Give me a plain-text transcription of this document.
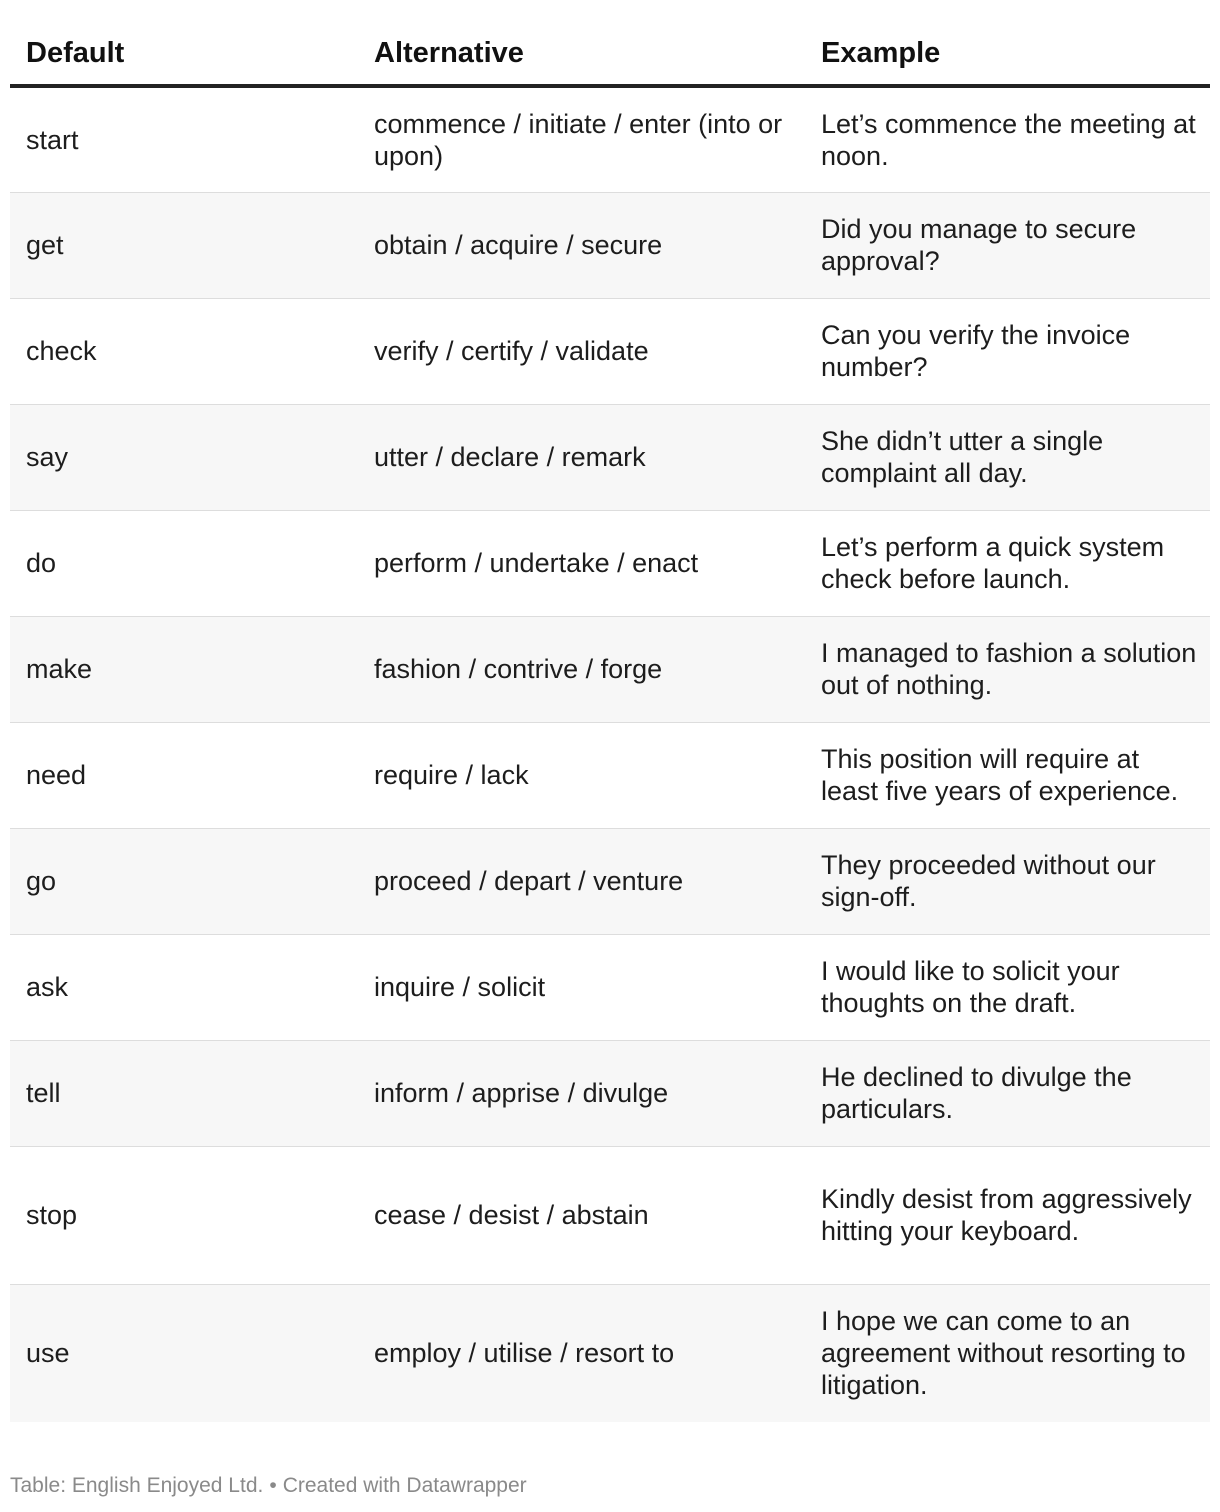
Default	Alternative	Example
start	commence / initiate / enter (into or upon)	Let’s commence the meeting at noon.
get	obtain / acquire / secure	Did you manage to secure approval?
check	verify / certify / validate	Can you verify the invoice number?
say	utter / declare / remark	She didn’t utter a single complaint all day.
do	perform / undertake / enact	Let’s perform a quick system check before launch.
make	fashion / contrive / forge	I managed to fashion a solution out of nothing.
need	require / lack	This position will require at least five years of experience.
go	proceed / depart / venture	They proceeded without our sign-off.
ask	inquire / solicit	I would like to solicit your thoughts on the draft.
tell	inform / apprise / divulge	He declined to divulge the particulars.
stop	cease / desist / abstain	Kindly desist from aggressively hitting your keyboard.
use	employ / utilise / resort to	I hope we can come to an agreement without resorting to litigation.
Table: English Enjoyed Ltd. • Created with Datawrapper
